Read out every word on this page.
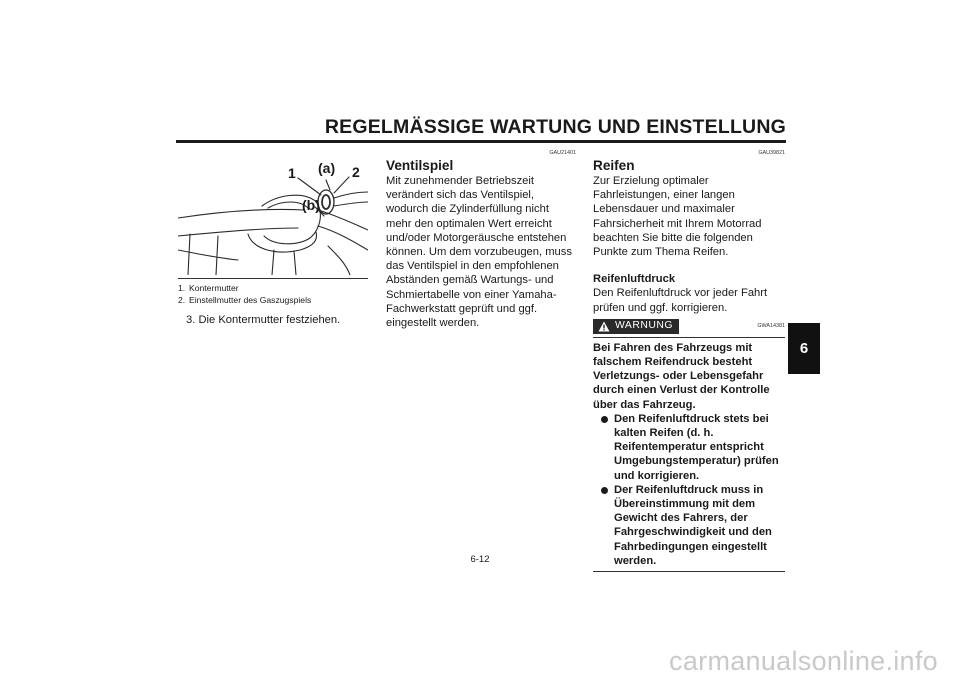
REGELMÄSSIGE WARTUNG UND EINSTELLUNG
6
1 (a) 2
(b)
1. Kontermutter
2. Einstellmutter des Gaszugspiels

3. Die Kontermutter festziehen.

GAU21401
Ventilspiel

Mit zunehmender Betriebszeit verändert sich das Ventilspiel, wodurch die Zylinderfüllung nicht mehr den optimalen Wert erreicht und/oder Motorgeräusche entstehen können. Um dem vorzubeugen, muss das Ventilspiel in den empfohlenen Abständen gemäß Wartungs- und Schmiertabelle von einer Yamaha-Fachwerkstatt geprüft und ggf. eingestellt werden.

GAU39821
Reifen

Zur Erzielung optimaler Fahrleistungen, einer langen Lebensdauer und maximaler Fahrsicherheit mit Ihrem Motorrad beachten Sie bitte die folgenden Punkte zum Thema Reifen.

Reifenluftdruck

Den Reifenluftdruck vor jeder Fahrt prüfen und ggf. korrigieren.

WARNUNG	GWA14381

Bei Fahren des Fahrzeugs mit falschem Reifendruck besteht Verletzungs- oder Lebensgefahr durch einen Verlust der Kontrolle über das Fahrzeug.

Den Reifenluftdruck stets bei kalten Reifen (d. h. Reifentemperatur entspricht Umgebungstemperatur) prüfen und korrigieren.
Der Reifenluftdruck muss in Übereinstimmung mit dem Gewicht des Fahrers, der Fahrgeschwindigkeit und den Fahrbedingungen eingestellt werden.
6-12
carmanualsonline.info
